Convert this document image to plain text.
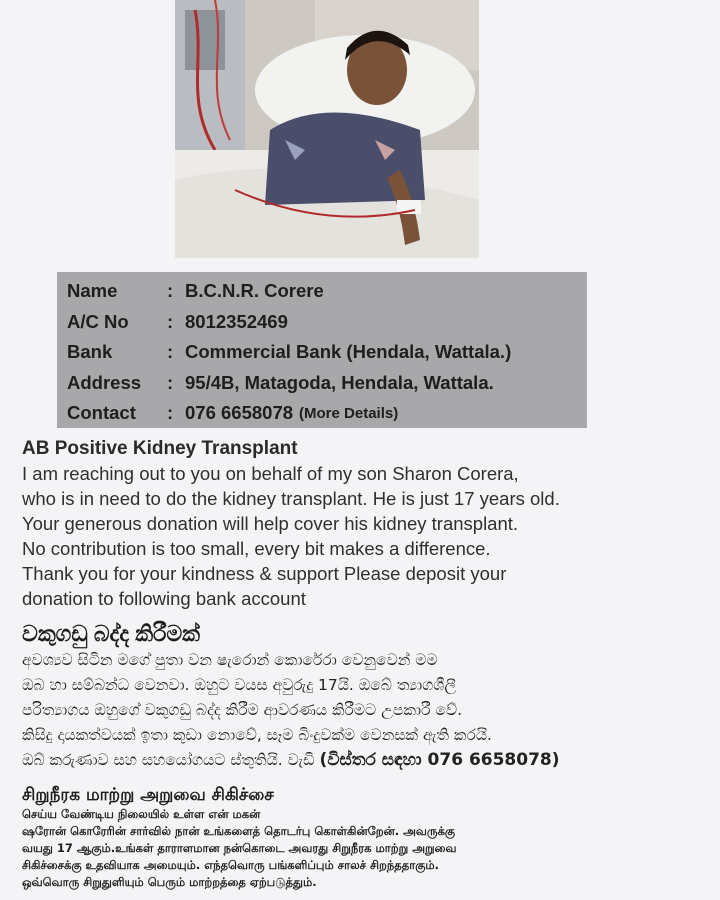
Name	: B.C.N.R. Corere
A/C No	: 8012352469
Bank	: Commercial Bank (Hendala, Wattala.)
Address	: 95/4B, Matagoda, Hendala, Wattala.
Contact	: 076 6658078 (More Details)
AB Positive Kidney Transplant

I am reaching out to you on behalf of my son Sharon Corera,

who is in need to do the kidney transplant. He is just 17 years old.

Your generous donation will help cover his kidney transplant.

No contribution is too small, every bit makes a difference.

Thank you for your kindness & support Please deposit your

donation to following bank account

වකුගඩු බද්ද කිරීමක්

අවශ්‍යව සිටින මගේ පුතා වන ෂැරොන් කොරේරා වෙනුවෙන් මම

ඔබ හා සම්බන්ධ වෙනවා. ඔහුට වයස අවුරුදු 17යි. ඔබේ ත්‍යාගශීලී

පරිත්‍යාගය ඔහුගේ වකුගඩු බද්ද කිරීම ආවරණය කිරීමට උපකාරී වේ.

කිසිදු දායකත්වයක් ඉතා කුඩා නොවේ, සෑම බිංදුවක්ම වෙනසක් ඇති කරයි.

ඔබ් කරුණාව සහ සහයෝගයට ස්තුතියි. වැඩි (විස්තර සඳහා 076 6658078)

சிறுநீரக மாற்று அறுவை சிகிச்சை

செய்ய வேண்டிய நிலையில் உள்ள என் மகன்

ஷரோன் கொரேரின் சார்வில் நான் உங்களைத் தொடர்பு கொள்கின்றேன். அவருக்கு

வயது 17 ஆகும்.உங்கள் தாராளமான நன்கொடை அவரது சிறுநீரக மாற்று அறுவை

சிகிச்சைக்கு உதவியாக அமையும். எந்தவொரு பங்களிப்பும் சாலச் சிறந்ததாகும்.

ஒவ்வொரு சிறுதுளியும் பெரும் மாற்றத்தை ஏற்படுத்தும்.
